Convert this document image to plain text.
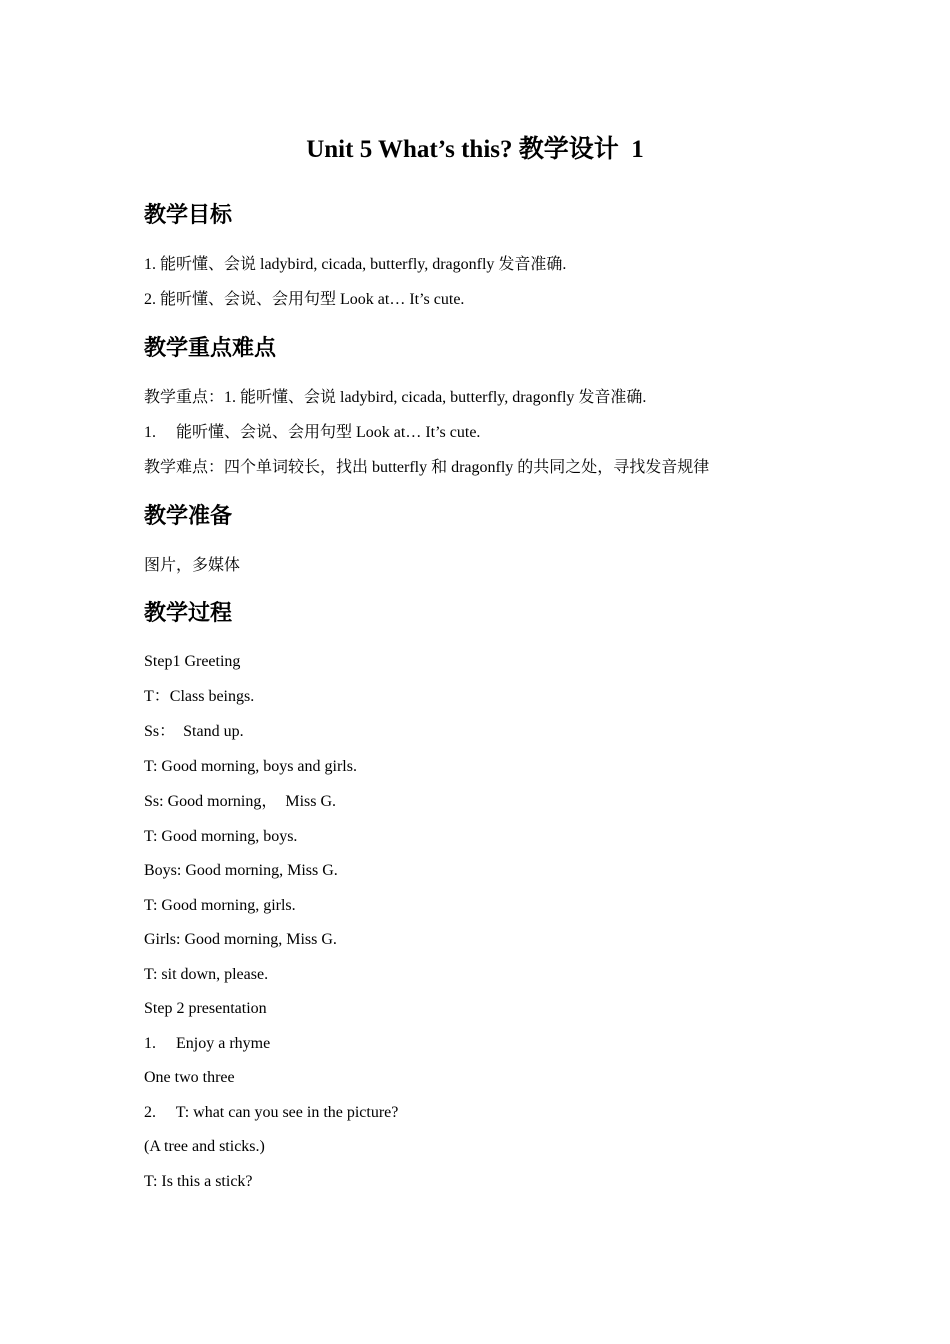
Unit 5 What’s this? 教学设计  1
教学目标
1. 能听懂、会说 ladybird, cicada, butterfly, dragonfly 发音准确.
2. 能听懂、会说、会用句型 Look at… It’s cute.
教学重点难点
教学重点：1. 能听懂、会说 ladybird, cicada, butterfly, dragonfly 发音准确.
1.     能听懂、会说、会用句型 Look at… It’s cute.
教学难点：四个单词较长，找出 butterfly 和 dragonfly 的共同之处，寻找发音规律
教学准备
图片，多媒体
教学过程
Step1 Greeting
T：Class beings.
Ss：  Stand up.
T: Good morning, boys and girls.
Ss: Good morning，  Miss G.
T: Good morning, boys.
Boys: Good morning, Miss G.
T: Good morning, girls.
Girls: Good morning, Miss G.
T: sit down, please.
Step 2 presentation
1.     Enjoy a rhyme
One two three
2.     T: what can you see in the picture?
(A tree and sticks.)
T: Is this a stick?
